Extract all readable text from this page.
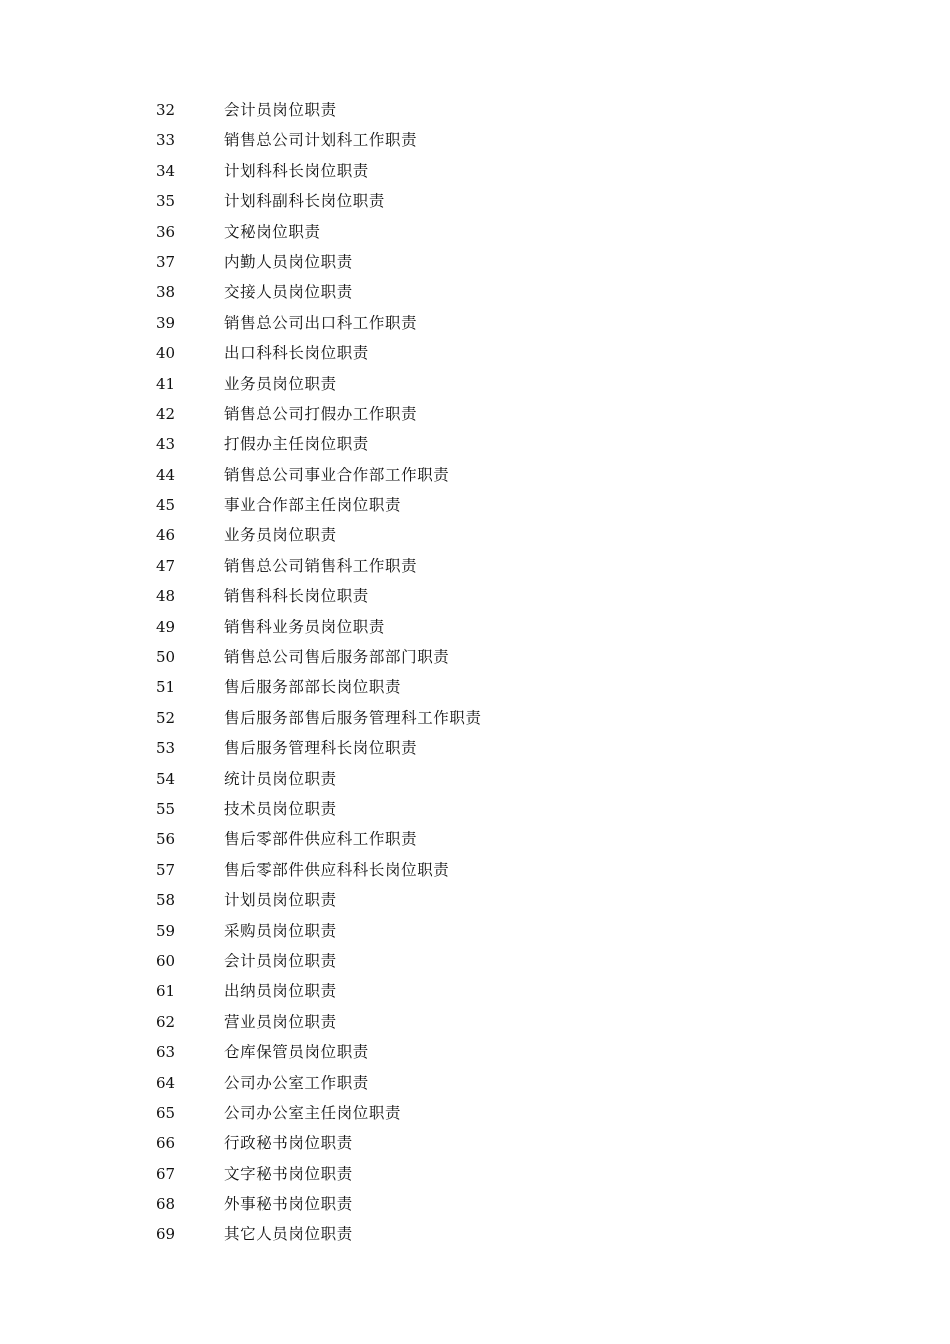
32	会计员岗位职责
33	销售总公司计划科工作职责
34	计划科科长岗位职责
35	计划科副科长岗位职责
36	文秘岗位职责
37	内勤人员岗位职责
38	交接人员岗位职责
39	销售总公司出口科工作职责
40	出口科科长岗位职责
41	业务员岗位职责
42	销售总公司打假办工作职责
43	打假办主任岗位职责
44	销售总公司事业合作部工作职责
45	事业合作部主任岗位职责
46	业务员岗位职责
47	销售总公司销售科工作职责
48	销售科科长岗位职责
49	销售科业务员岗位职责
50	销售总公司售后服务部部门职责
51	售后服务部部长岗位职责
52	售后服务部售后服务管理科工作职责
53	售后服务管理科长岗位职责
54	统计员岗位职责
55	技术员岗位职责
56	售后零部件供应科工作职责
57	售后零部件供应科科长岗位职责
58	计划员岗位职责
59	采购员岗位职责
60	会计员岗位职责
61	出纳员岗位职责
62	营业员岗位职责
63	仓库保管员岗位职责
64	公司办公室工作职责
65	公司办公室主任岗位职责
66	行政秘书岗位职责
67	文字秘书岗位职责
68	外事秘书岗位职责
69	其它人员岗位职责
